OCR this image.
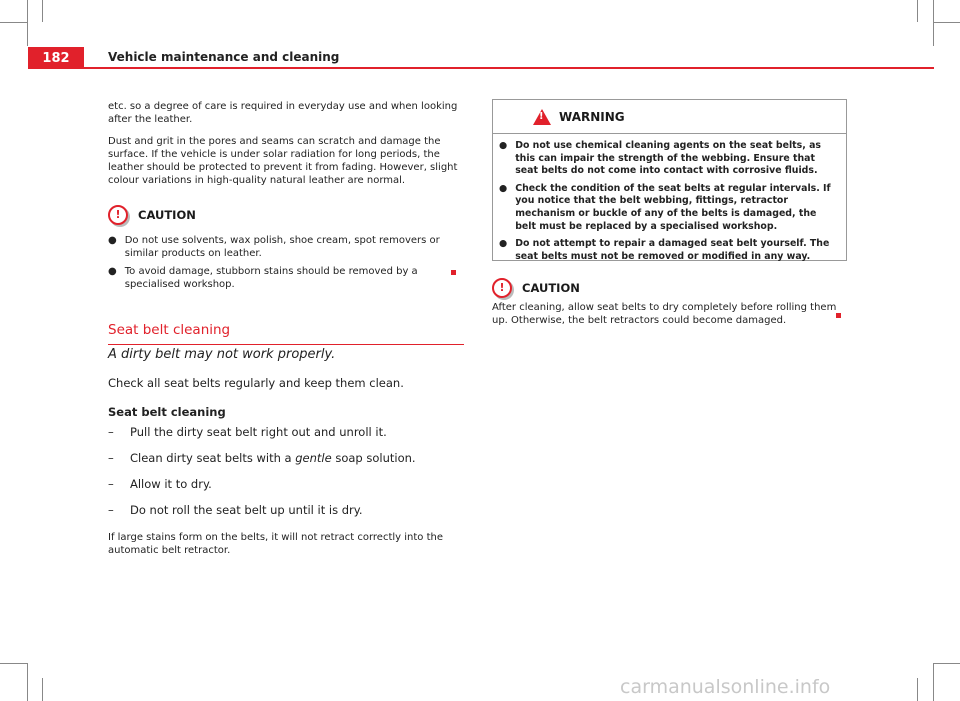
182	Vehicle maintenance and cleaning
etc. so a degree of care is required in everyday use and when looking after the leather.
Dust and grit in the pores and seams can scratch and damage the surface. If the vehicle is under solar radiation for long periods, the leather should be protected to prevent it from fading. However, slight colour variations in high-quality natural leather are normal.
!
CAUTION
● Do not use solvents, wax polish, shoe cream, spot removers or similar products on leather.
● To avoid damage, stubborn stains should be removed by a specialised workshop.
Seat belt cleaning
A dirty belt may not work properly.
Check all seat belts regularly and keep them clean.
Seat belt cleaning
–	Pull the dirty seat belt right out and unroll it.
–	Clean dirty seat belts with a gentle soap solution.
–	Allow it to dry.
–	Do not roll the seat belt up until it is dry.
If large stains form on the belts, it will not retract correctly into the automatic belt retractor.
!
WARNING
● Do not use chemical cleaning agents on the seat belts, as this can impair the strength of the webbing. Ensure that seat belts do not come into contact with corrosive fluids.
● Check the condition of the seat belts at regular intervals. If you notice that the belt webbing, fittings, retractor mechanism or buckle of any of the belts is damaged, the belt must be replaced by a specialised workshop.
● Do not attempt to repair a damaged seat belt yourself. The seat belts must not be removed or modified in any way.
!
CAUTION
After cleaning, allow seat belts to dry completely before rolling them up. Otherwise, the belt retractors could become damaged.
carmanualsonline.info
